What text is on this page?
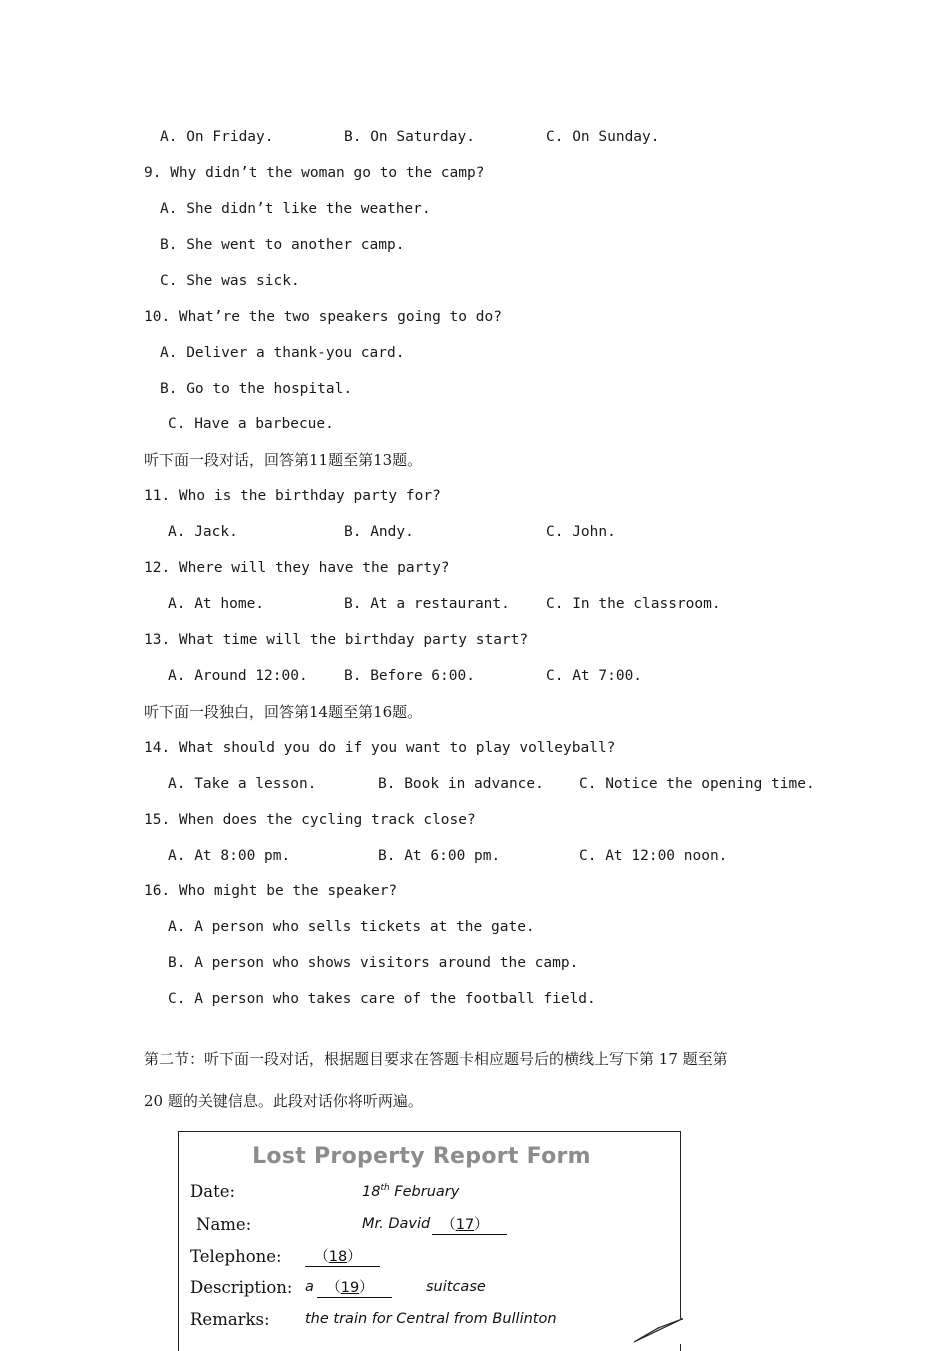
A. On Friday.	B. On Saturday.	C. On Sunday.
9. Why didn’t the woman go to the camp?
A. She didn’t like the weather.
B. She went to another camp.
C. She was sick.
10. What’re the two speakers going to do?
A. Deliver a thank-you card.
B. Go to the hospital.
C. Have a barbecue.
听下面一段对话，回答第11题至第13题。
11. Who is the birthday party for?
A. Jack.	B. Andy.	C. John.
12. Where will they have the party?
A. At home.	B. At a restaurant. C. In the classroom.
13. What time will the birthday party start?
A. Around 12:00.	B. Before 6:00.	C. At 7:00.
听下面一段独白，回答第14题至第16题。
14. What should you do if you want to play volleyball?
A. Take a lesson.	B. Book in advance. C. Notice the opening time.
15. When does the cycling track close?
A. At 8:00 pm.	B. At 6:00 pm.	C. At 12:00 noon.
16. Who might be the speaker?
A. A person who sells tickets at the gate.
B. A person who shows visitors around the camp.
C. A person who takes care of the football field.
第二节：听下面一段对话，根据题目要求在答题卡相应题号后的横线上写下第 17 题至第
20 题的关键信息。此段对话你将听两遍。
Lost Property Report Form
Date:	18th February
Name:	Mr. David （17）
Telephone: （18）
Description: a （19） suitcase
Remarks: the train for Central from Bullinton
